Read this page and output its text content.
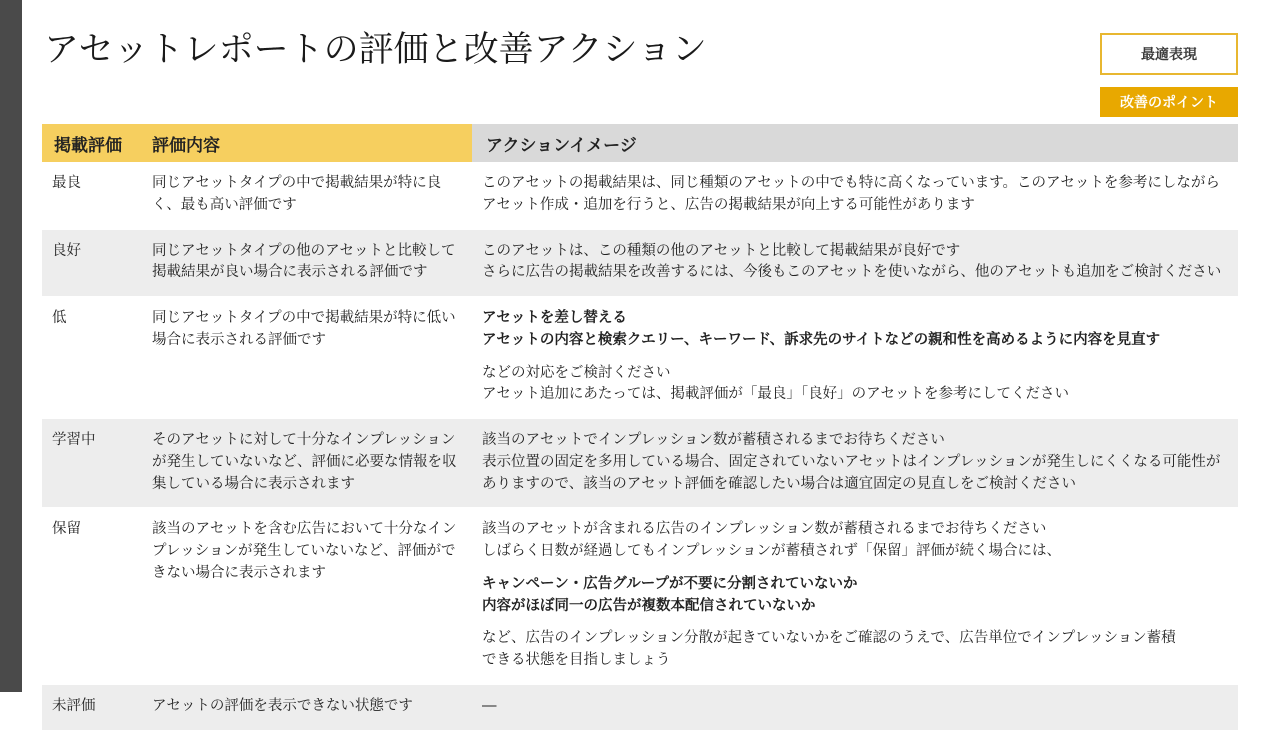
アセットレポートの評価と改善アクション	最適表現
改善のポイント
掲載評価	評価内容	アクションイメージ
最良	同じアセットタイプの中で掲載結果が特に良く、最も高い評価です	このアセットの掲載結果は、同じ種類のアセットの中でも特に高くなっています。このアセットを参考にしながら

アセット作成・追加を行うと、広告の掲載結果が向上する可能性があります

良好	同じアセットタイプの他のアセットと比較して掲載結果が良い場合に表示される評価です	このアセットは、この種類の他のアセットと比較して掲載結果が良好です

さらに広告の掲載結果を改善するには、今後もこのアセットを使いながら、他のアセットも追加をご検討ください

低	同じアセットタイプの中で掲載結果が特に低い場合に表示される評価です	アセットを差し替える

アセットの内容と検索クエリー、キーワード、訴求先のサイトなどの親和性を高めるように内容を見直す

などの対応をご検討ください

アセット追加にあたっては、掲載評価が「最良」「良好」のアセットを参考にしてください

学習中	そのアセットに対して十分なインプレッションが発生していないなど、評価に必要な情報を収集している場合に表示されます	該当のアセットでインプレッション数が蓄積されるまでお待ちください

表示位置の固定を多用している場合、固定されていないアセットはインプレッションが発生しにくくなる可能性が

ありますので、該当のアセット評価を確認したい場合は適宜固定の見直しをご検討ください

保留	該当のアセットを含む広告において十分なインプレッションが発生していないなど、評価ができない場合に表示されます	

該当のアセットが含まれる広告のインプレッション数が蓄積されるまでお待ちください

しばらく日数が経過してもインプレッションが蓄積されず「保留」評価が続く場合には、

キャンペーン・広告グループが不要に分割されていないか

内容がほぼ同一の広告が複数本配信されていないか

など、広告のインプレッション分散が起きていないかをご確認のうえで、広告単位でインプレッション蓄積

できる状態を目指しましょう

未評価	アセットの評価を表示できない状態です	―
